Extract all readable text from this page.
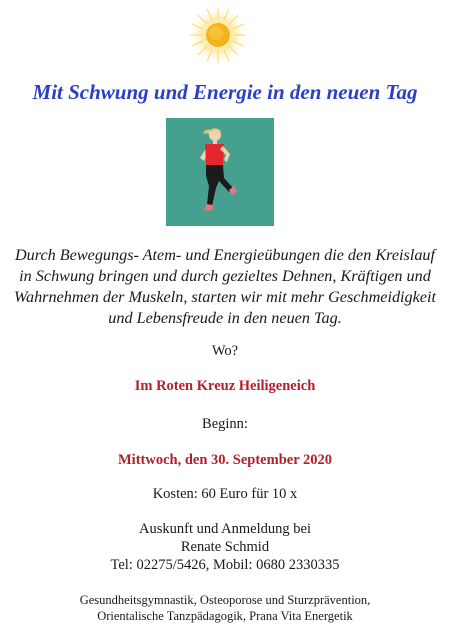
Mit Schwung und Energie in den neuen Tag
Durch Bewegungs- Atem- und Energieübungen die den Kreislauf in Schwung bringen und durch gezieltes Dehnen, Kräftigen und Wahrnehmen der Muskeln, starten wir mit mehr Geschmeidigkeit und Lebensfreude in den neuen Tag.
Wo?
Im Roten Kreuz Heiligeneich
Beginn:
Mittwoch, den 30. September 2020
Kosten: 60 Euro für 10 x
Auskunft und Anmeldung bei
Renate Schmid
Tel: 02275/5426, Mobil: 0680 2330335
Gesundheitsgymnastik, Osteoporose und Sturzprävention,
Orientalische Tanzpädagogik, Prana Vita Energetik
